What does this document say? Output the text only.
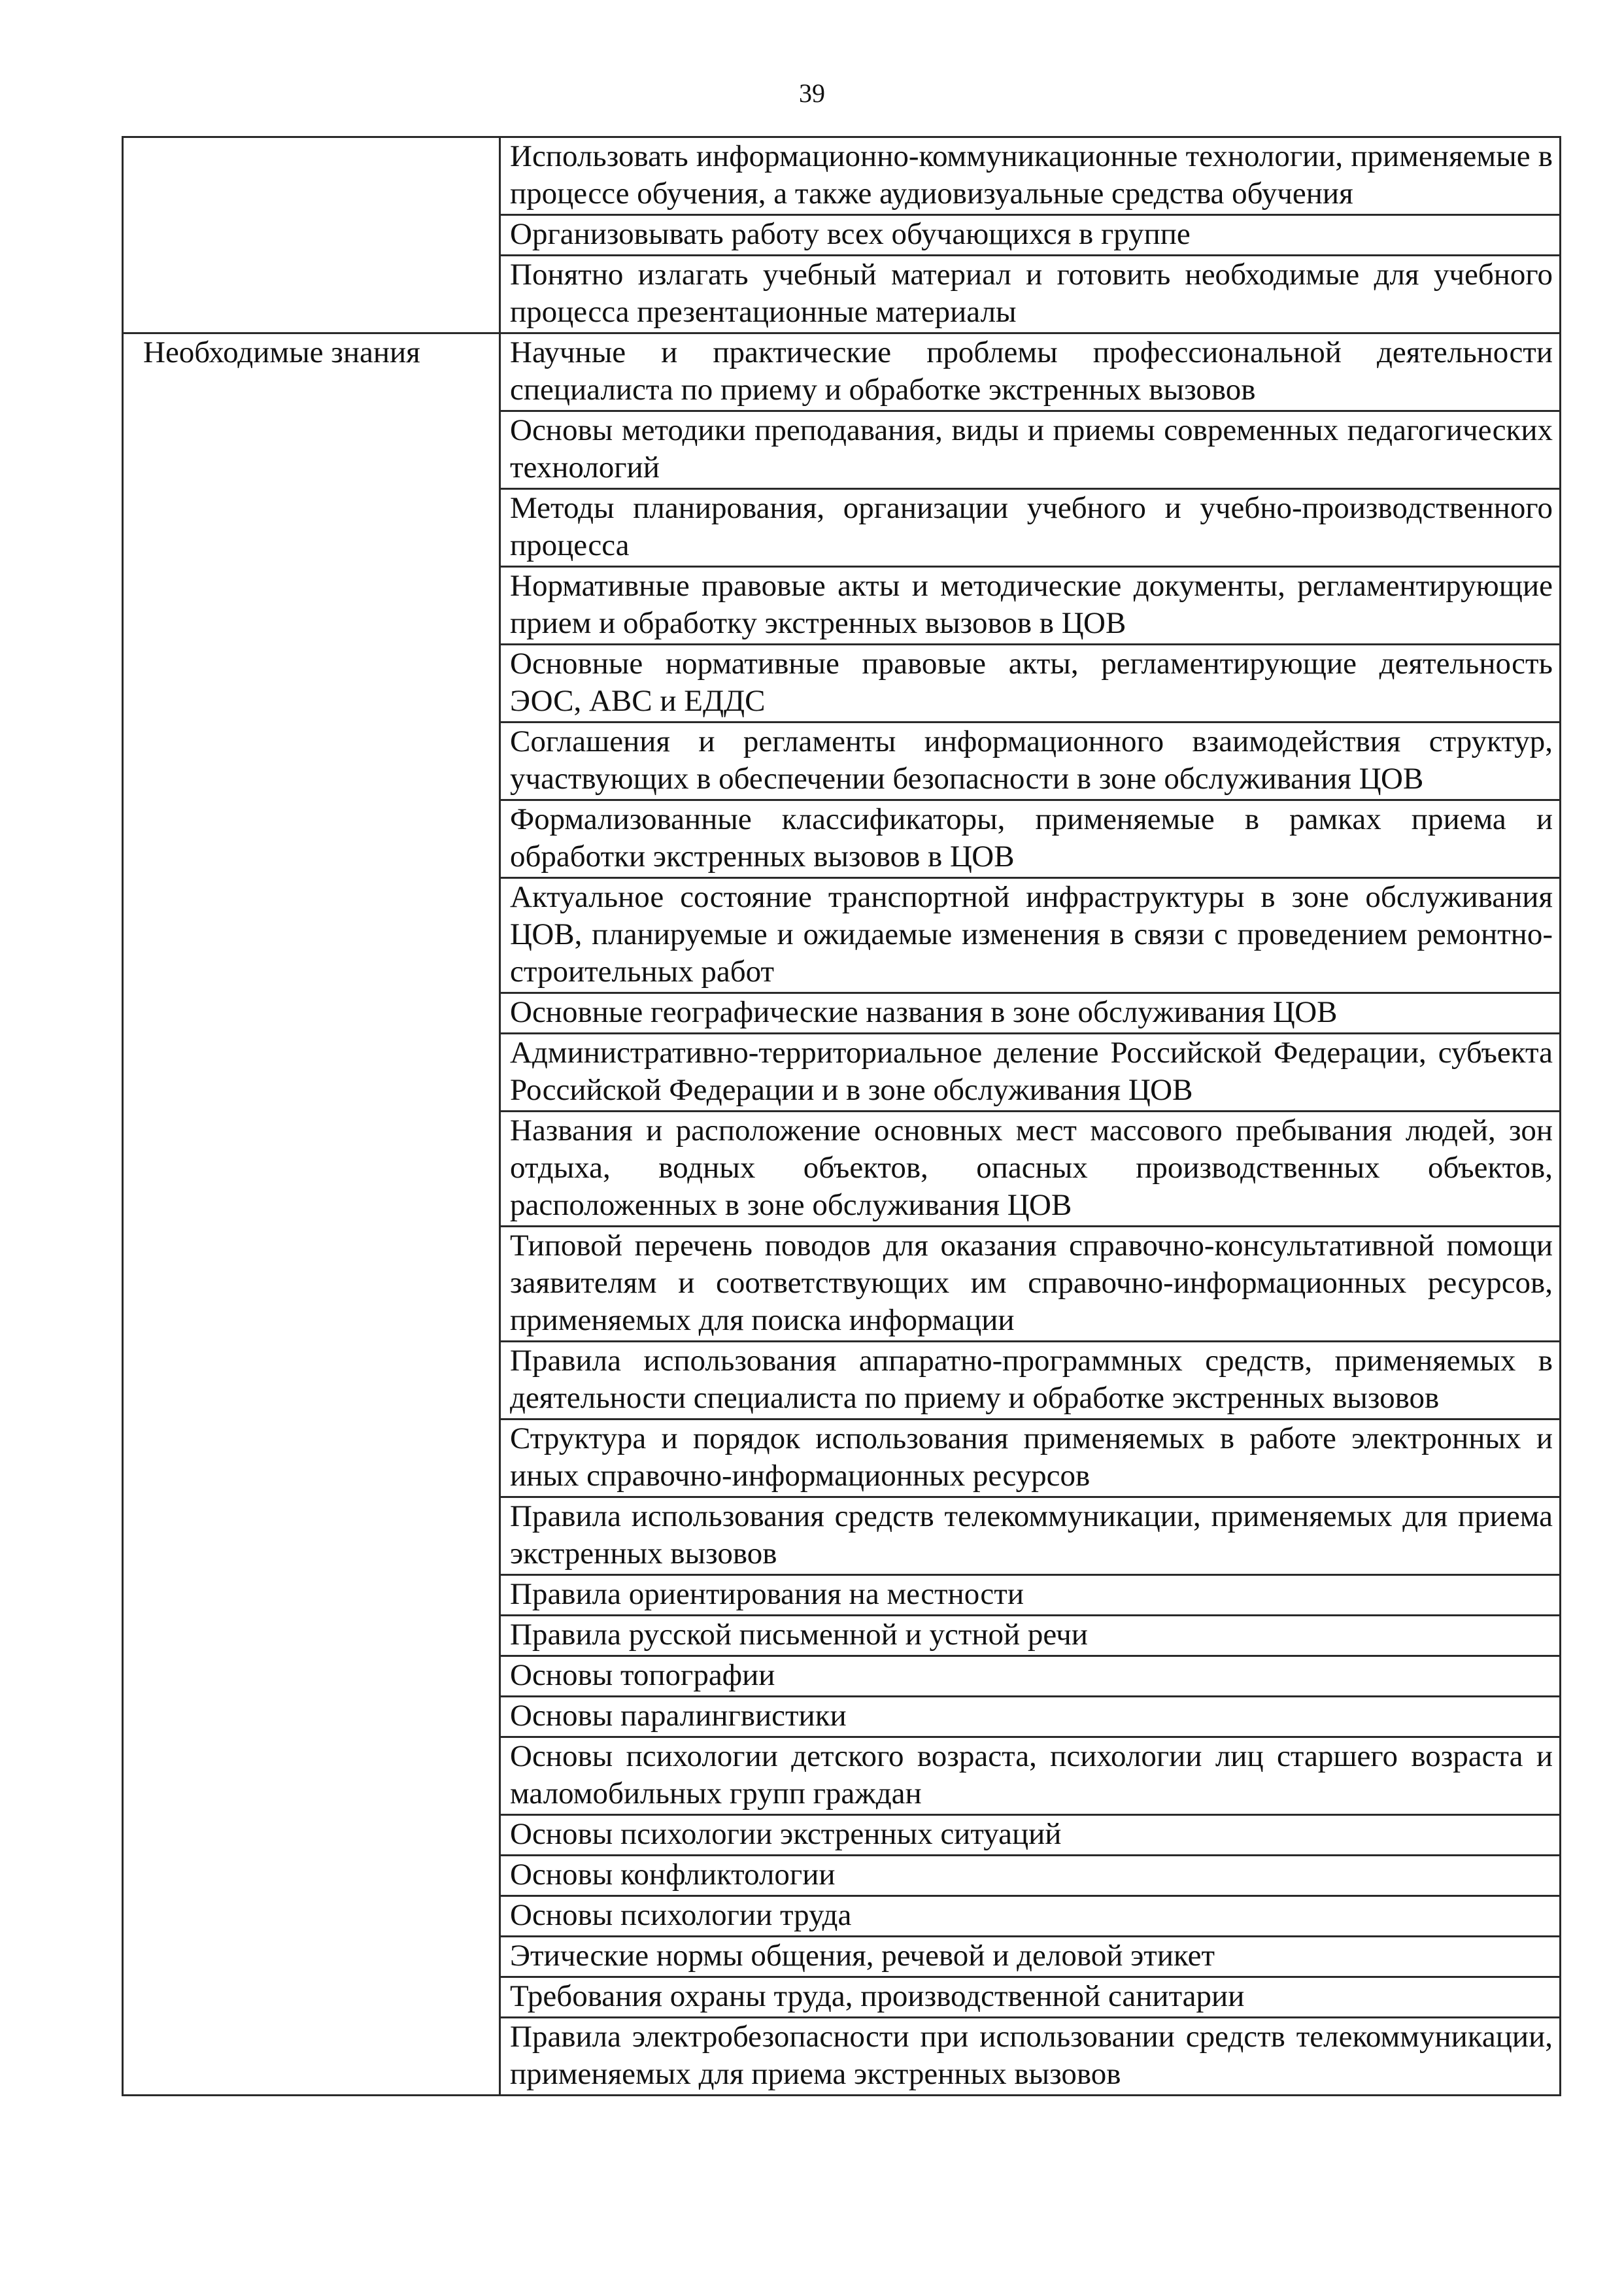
39
	Использовать информационно-коммуникационные технологии, применяемые в процессе обучения, а также аудиовизуальные средства обучения
	Организовывать работу всех обучающихся в группе
	Понятно излагать учебный материал и готовить необходимые для учебного процесса презентационные материалы
Необходимые знания	Научные и практические проблемы профессиональной деятельности специалиста по приему и обработке экстренных вызовов
	Основы методики преподавания, виды и приемы современных педагогических технологий
	Методы планирования, организации учебного и учебно-производственного процесса
	Нормативные правовые акты и методические документы, регламентирующие прием и обработку экстренных вызовов в ЦОВ
	Основные нормативные правовые акты, регламентирующие деятельность ЭОС, АВС и ЕДДС
	Соглашения и регламенты информационного взаимодействия структур, участвующих в обеспечении безопасности в зоне обслуживания ЦОВ
	Формализованные классификаторы, применяемые в рамках приема и обработки экстренных вызовов в ЦОВ
	Актуальное состояние транспортной инфраструктуры в зоне обслуживания ЦОВ, планируемые и ожидаемые изменения в связи с проведением ремонтно-строительных работ
	Основные географические названия в зоне обслуживания ЦОВ
	Административно-территориальное деление Российской Федерации, субъекта Российской Федерации и в зоне обслуживания ЦОВ
	Названия и расположение основных мест массового пребывания людей, зон отдыха, водных объектов, опасных производственных объектов, расположенных в зоне обслуживания ЦОВ
	Типовой перечень поводов для оказания справочно-консультативной помощи заявителям и соответствующих им справочно-информационных ресурсов, применяемых для поиска информации
	Правила использования аппаратно-программных средств, применяемых в деятельности специалиста по приему и обработке экстренных вызовов
	Структура и порядок использования применяемых в работе электронных и иных справочно-информационных ресурсов
	Правила использования средств телекоммуникации, применяемых для приема экстренных вызовов
	Правила ориентирования на местности
	Правила русской письменной и устной речи
	Основы топографии
	Основы паралингвистики
	Основы психологии детского возраста, психологии лиц старшего возраста и маломобильных групп граждан
	Основы психологии экстренных ситуаций
	Основы конфликтологии
	Основы психологии труда
	Этические нормы общения, речевой и деловой этикет
	Требования охраны труда, производственной санитарии
	Правила электробезопасности при использовании средств телекоммуникации, применяемых для приема экстренных вызовов
